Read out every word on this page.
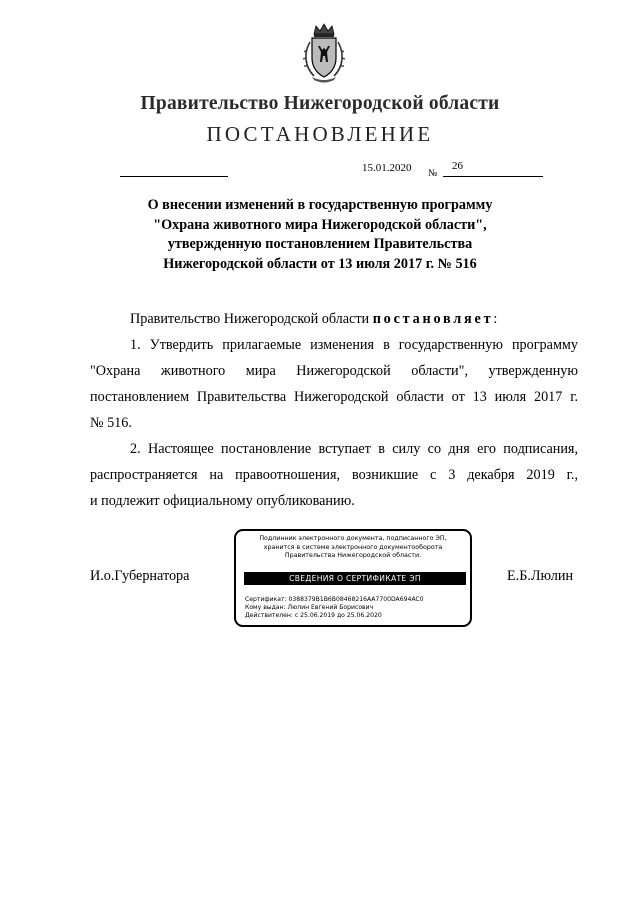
Правительство Нижегородской области
ПОСТАНОВЛЕНИЕ
15.01.2020 №
26
О внесении изменений в государственную программу
"Охрана животного мира Нижегородской области",
утвержденную постановлением Правительства
Нижегородской области от 13 июля 2017 г. № 516

Правительство Нижегородской области постановляет:

1. Утвердить прилагаемые изменения в государственную программу
"Охрана животного мира Нижегородской области", утвержденную
постановлением Правительства Нижегородской области от 13 июля 2017 г.
№ 516.

2. Настоящее постановление вступает в силу со дня его подписания,
распространяется на правоотношения, возникшие с 3 декабря 2019 г.,
и подлежит официальному опубликованию.

И.о.Губернатора	Е.Б.Люлин
Подлинник электронного документа, подписанного ЭП,
хранится в системе электронного документооборота
Правительства Нижегородской области.
СВЕДЕНИЯ О СЕРТИФИКАТЕ ЭП
Сертификат: 0388379B1B6B08468216AA7700DA694AC0
Кому выдан: Люлин Евгений Борисович
Действителен: с 25.06.2019 до 25.06.2020
